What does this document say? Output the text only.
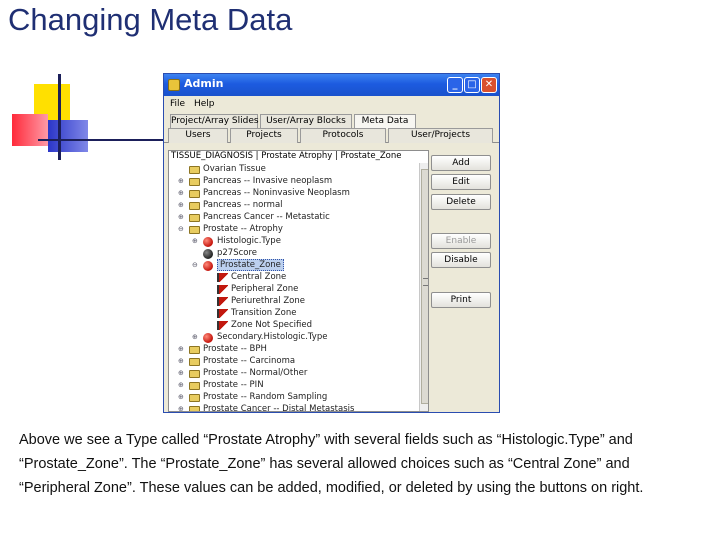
Changing Meta Data
Admin	_ □ ✕
File Help
Project/Array Slides User/Array Blocks	Meta Data
Users	Projects	Protocols	User/Projects
TISSUE_DIAGNOSIS | Prostate Atrophy | Prostate_Zone
Ovarian Tissue
⊕ Pancreas -- Invasive neoplasm
⊕ Pancreas -- Noninvasive Neoplasm
⊕ Pancreas -- normal
⊕ Pancreas Cancer -- Metastatic
⊖ Prostate -- Atrophy
⊕ Histologic.Type
p27Score
⊖	Prostate_Zone
Central Zone
Peripheral Zone
Periurethral Zone
Transition Zone
Zone Not Specified
⊕ Secondary.Histologic.Type
⊕ Prostate -- BPH
⊕ Prostate -- Carcinoma
⊕ Prostate -- Normal/Other
⊕ Prostate -- PIN
⊕ Prostate -- Random Sampling
⊕ Prostate Cancer -- Distal Metastasis
Add
Edit
Delete
Enable
Disable
Print
Above we see a Type called “Prostate Atrophy” with several fields such as “Histologic.Type” and “Prostate_Zone”. The “Prostate_Zone” has several allowed choices such as “Central Zone” and “Peripheral Zone”. These values can be added, modified, or deleted by using the buttons on right.
